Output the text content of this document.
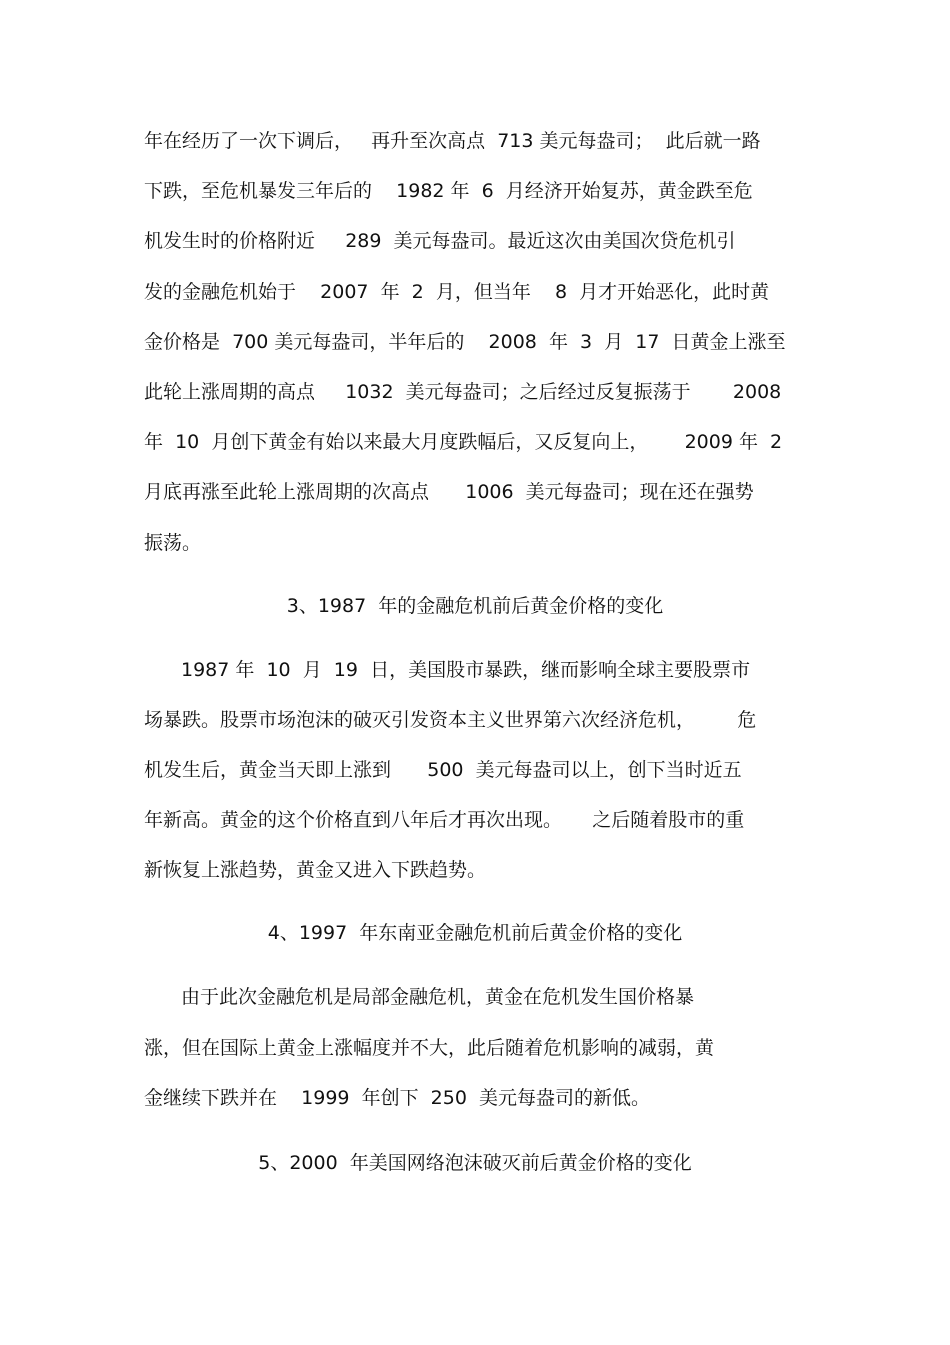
年在经历了一次下调后，   再升至次高点  713 美元每盎司；  此后就一路
下跌，至危机暴发三年后的    1982 年  6  月经济开始复苏，黄金跌至危
机发生时的价格附近     289  美元每盎司。最近这次由美国次贷危机引
发的金融危机始于    2007  年  2  月，但当年    8  月才开始恶化，此时黄
金价格是  700 美元每盎司，半年后的    2008  年  3  月  17  日黄金上涨至
此轮上涨周期的高点     1032  美元每盎司；之后经过反复振荡于       2008
年  10  月创下黄金有始以来最大月度跌幅后，又反复向上，      2009 年  2
月底再涨至此轮上涨周期的次高点      1006  美元每盎司；现在还在强势
振荡。
3、1987  年的金融危机前后黄金价格的变化
1987 年  10  月  19  日，美国股市暴跌，继而影响全球主要股票市
场暴跌。股票市场泡沫的破灭引发资本主义世界第六次经济危机，       危
机发生后，黄金当天即上涨到      500  美元每盎司以上，创下当时近五
年新高。黄金的这个价格直到八年后才再次出现。     之后随着股市的重
新恢复上涨趋势，黄金又进入下跌趋势。
4、1997  年东南亚金融危机前后黄金价格的变化
由于此次金融危机是局部金融危机，黄金在危机发生国价格暴
涨，但在国际上黄金上涨幅度并不大，此后随着危机影响的减弱，黄
金继续下跌并在    1999  年创下  250  美元每盎司的新低。
5、2000  年美国网络泡沫破灭前后黄金价格的变化
